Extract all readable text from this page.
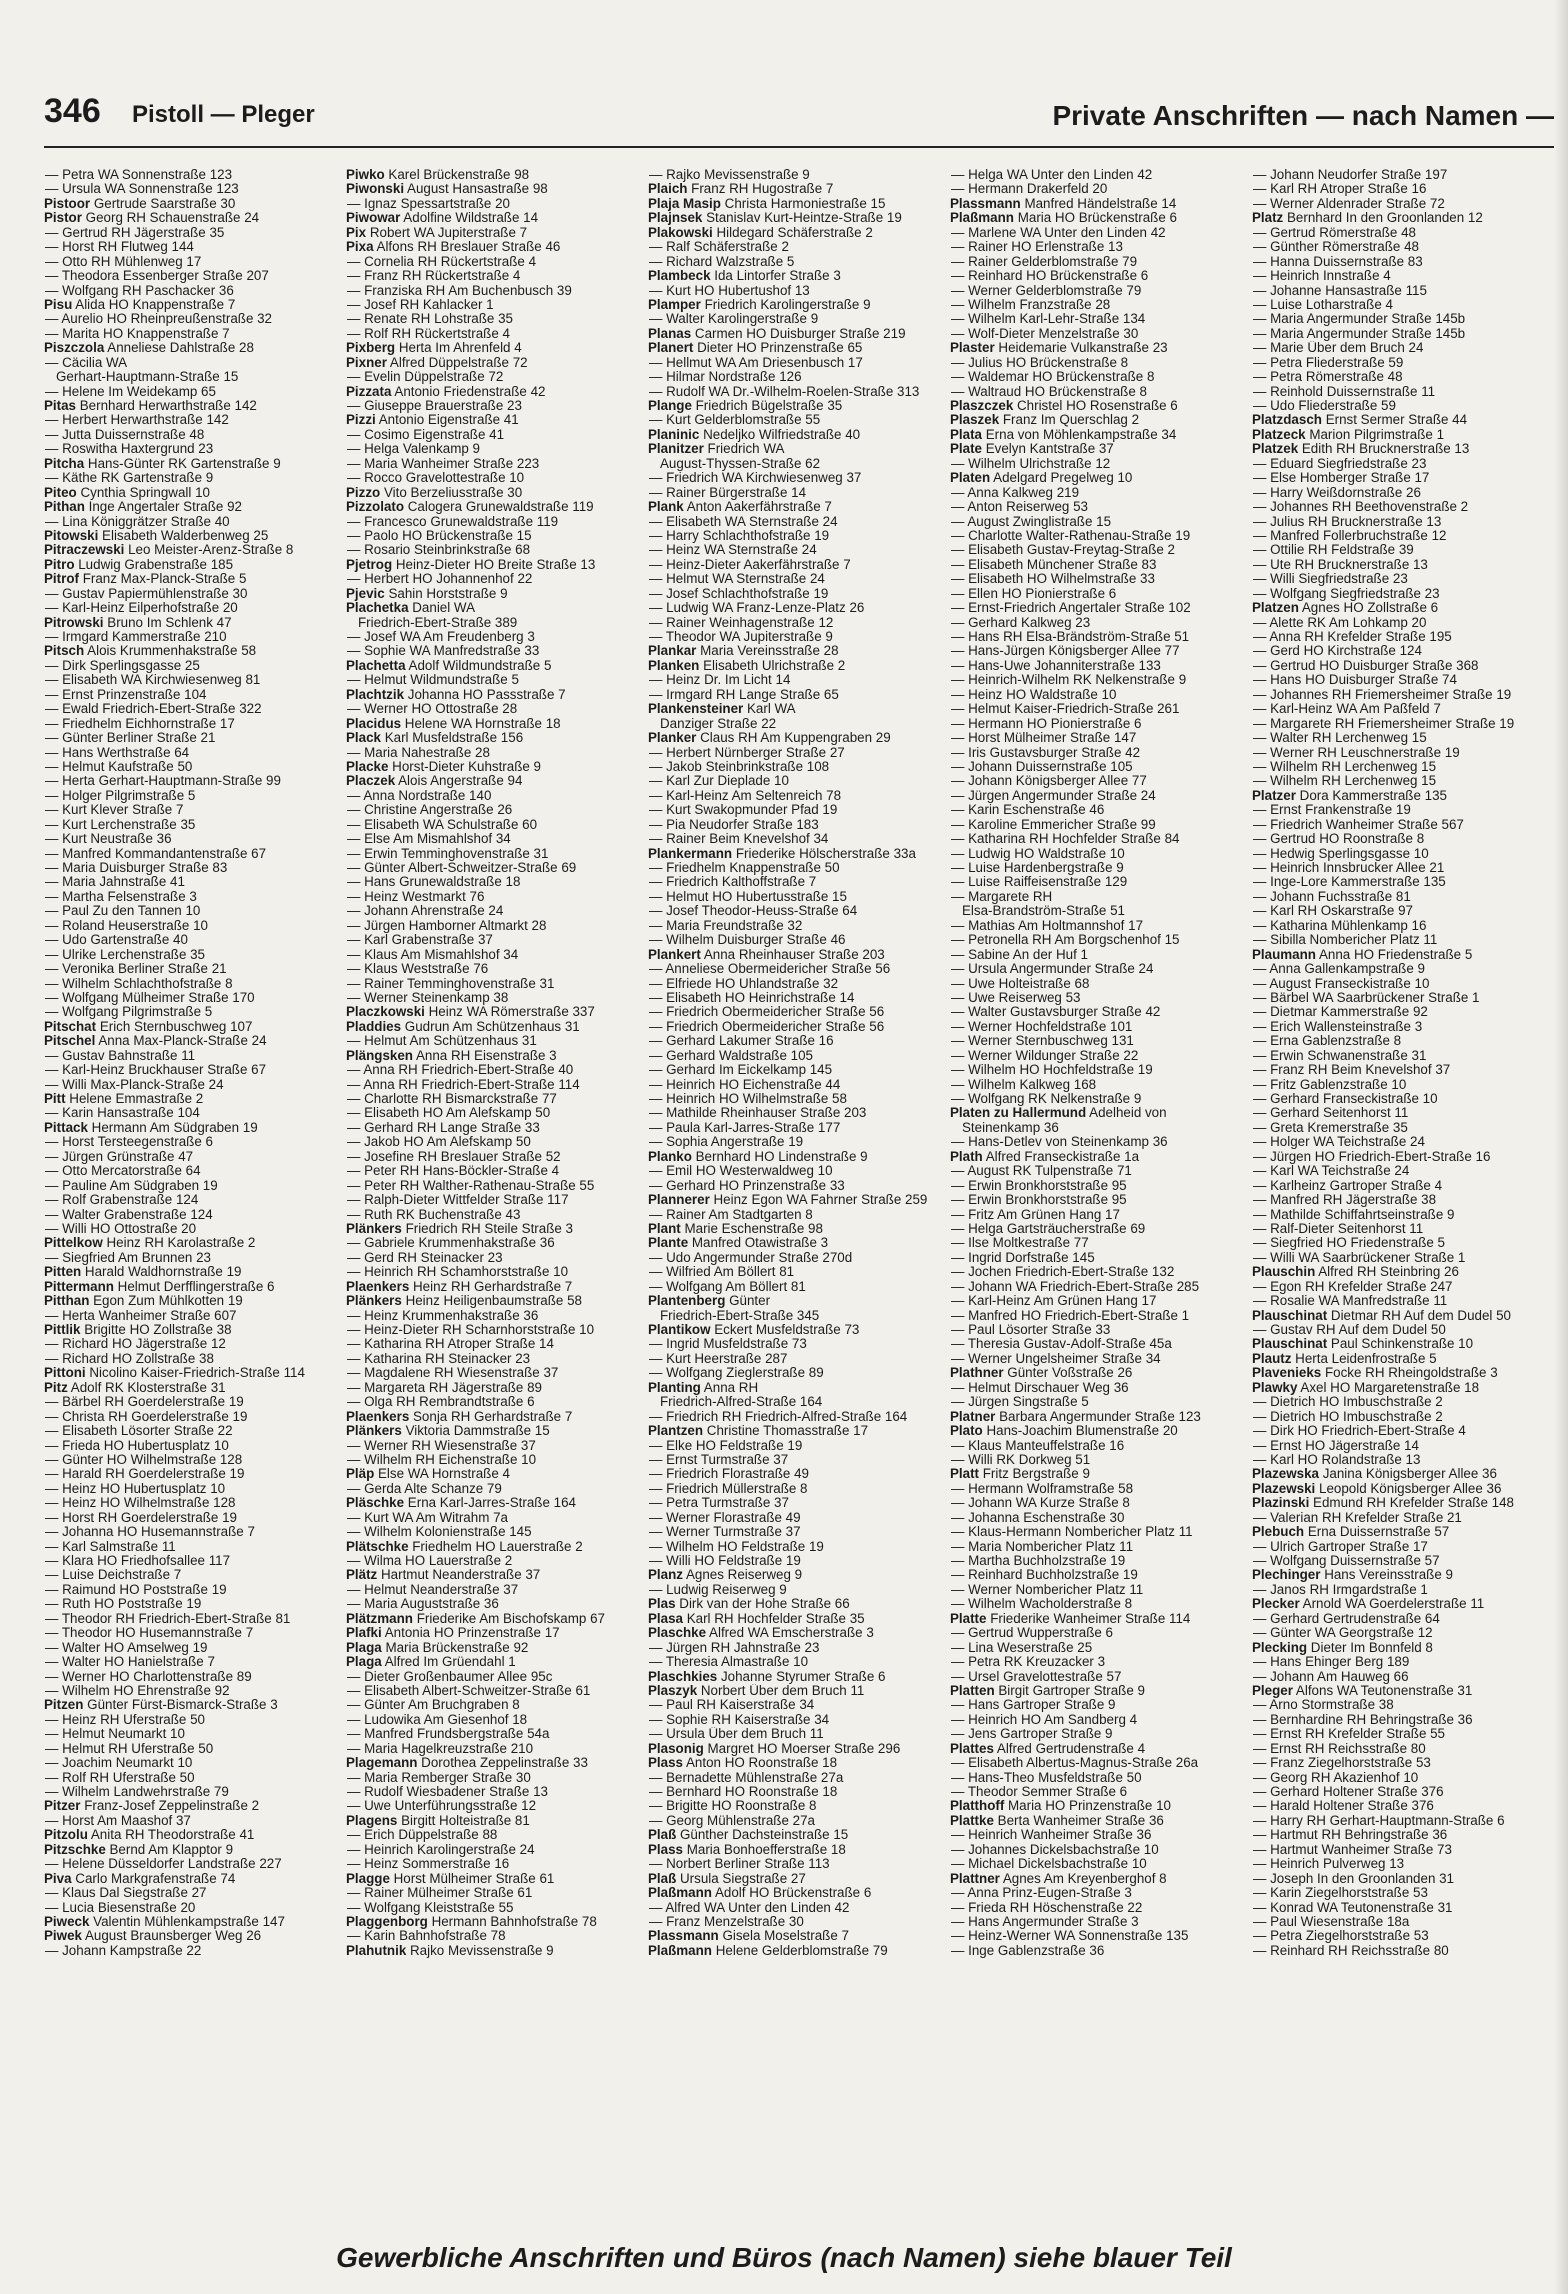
346 Pistoll — Pleger	Private Anschriften — nach Namen —
— Petra WA Sonnenstraße 123
— Ursula WA Sonnenstraße 123
Pistoor Gertrude Saarstraße 30
Pistor Georg RH Schauenstraße 24
— Gertrud RH Jägerstraße 35
— Horst RH Flutweg 144
— Otto RH Mühlenweg 17
— Theodora Essenberger Straße 207
— Wolfgang RH Paschacker 36
Pisu Alida HO Knappenstraße 7
— Aurelio HO Rheinpreußenstraße 32
— Marita HO Knappenstraße 7
Piszczola Anneliese Dahlstraße 28
— Cäcilia WA
Gerhart-Hauptmann-Straße 15
— Helene Im Weidekamp 65
Pitas Bernhard Herwarthstraße 142
— Herbert Herwarthstraße 142
— Jutta Duissernstraße 48
— Roswitha Haxtergrund 23
Pitcha Hans-Günter RK Gartenstraße 9
— Käthe RK Gartenstraße 9
Piteo Cynthia Springwall 10
Pithan Inge Angertaler Straße 92
— Lina Königgrätzer Straße 40
Pitowski Elisabeth Walderbenweg 25
Pitraczewski Leo Meister-Arenz-Straße 8
Pitro Ludwig Grabenstraße 185
Pitrof Franz Max-Planck-Straße 5
— Gustav Papiermühlenstraße 30
— Karl-Heinz Eilperhofstraße 20
Pitrowski Bruno Im Schlenk 47
— Irmgard Kammerstraße 210
Pitsch Alois Krummenhakstraße 58
— Dirk Sperlingsgasse 25
— Elisabeth WA Kirchwiesenweg 81
— Ernst Prinzenstraße 104
— Ewald Friedrich-Ebert-Straße 322
— Friedhelm Eichhornstraße 17
— Günter Berliner Straße 21
— Hans Werthstraße 64
— Helmut Kaufstraße 50
— Herta Gerhart-Hauptmann-Straße 99
— Holger Pilgrimstraße 5
— Kurt Klever Straße 7
— Kurt Lerchenstraße 35
— Kurt Neustraße 36
— Manfred Kommandantenstraße 67
— Maria Duisburger Straße 83
— Maria Jahnstraße 41
— Martha Felsenstraße 3
— Paul Zu den Tannen 10
— Roland Heuserstraße 10
— Udo Gartenstraße 40
— Ulrike Lerchenstraße 35
— Veronika Berliner Straße 21
— Wilhelm Schlachthofstraße 8
— Wolfgang Mülheimer Straße 170
— Wolfgang Pilgrimstraße 5
Pitschat Erich Sternbuschweg 107
Pitschel Anna Max-Planck-Straße 24
— Gustav Bahnstraße 11
— Karl-Heinz Bruckhauser Straße 67
— Willi Max-Planck-Straße 24
Pitt Helene Emmastraße 2
— Karin Hansastraße 104
Pittack Hermann Am Südgraben 19
— Horst Tersteegenstraße 6
— Jürgen Grünstraße 47
— Otto Mercatorstraße 64
— Pauline Am Südgraben 19
— Rolf Grabenstraße 124
— Walter Grabenstraße 124
— Willi HO Ottostraße 20
Pittelkow Heinz RH Karolastraße 2
— Siegfried Am Brunnen 23
Pitten Harald Waldhornstraße 19
Pittermann Helmut Derfflingerstraße 6
Pitthan Egon Zum Mühlkotten 19
— Herta Wanheimer Straße 607
Pittlik Brigitte HO Zollstraße 38
— Richard HO Jägerstraße 12
— Richard HO Zollstraße 38
Pittoni Nicolino Kaiser-Friedrich-Straße 114
Pitz Adolf RK Klosterstraße 31
— Bärbel RH Goerdelerstraße 19
— Christa RH Goerdelerstraße 19
— Elisabeth Lösorter Straße 22
— Frieda HO Hubertusplatz 10
— Günter HO Wilhelmstraße 128
— Harald RH Goerdelerstraße 19
— Heinz HO Hubertusplatz 10
— Heinz HO Wilhelmstraße 128
— Horst RH Goerdelerstraße 19
— Johanna HO Husemannstraße 7
— Karl Salmstraße 11
— Klara HO Friedhofsallee 117
— Luise Deichstraße 7
— Raimund HO Poststraße 19
— Ruth HO Poststraße 19
— Theodor RH Friedrich-Ebert-Straße 81
— Theodor HO Husemannstraße 7
— Walter HO Amselweg 19
— Walter HO Hanielstraße 7
— Werner HO Charlottenstraße 89
— Wilhelm HO Ehrenstraße 92
Pitzen Günter Fürst-Bismarck-Straße 3
— Heinz RH Uferstraße 50
— Helmut Neumarkt 10
— Helmut RH Uferstraße 50
— Joachim Neumarkt 10
— Rolf RH Uferstraße 50
— Wilhelm Landwehrstraße 79
Pitzer Franz-Josef Zeppelinstraße 2
— Horst Am Maashof 37
Pitzolu Anita RH Theodorstraße 41
Pitzschke Bernd Am Klapptor 9
— Helene Düsseldorfer Landstraße 227
Piva Carlo Markgrafenstraße 74
— Klaus Dal Siegstraße 27
— Lucia Biesenstraße 20
Piweck Valentin Mühlenkampstraße 147
Piwek August Braunsberger Weg 26
— Johann Kampstraße 22
Piwko Karel Brückenstraße 98
Piwonski August Hansastraße 98
— Ignaz Spessartstraße 20
Piwowar Adolfine Wildstraße 14
Pix Robert WA Jupiterstraße 7
Pixa Alfons RH Breslauer Straße 46
— Cornelia RH Rückertstraße 4
— Franz RH Rückertstraße 4
— Franziska RH Am Buchenbusch 39
— Josef RH Kahlacker 1
— Renate RH Lohstraße 35
— Rolf RH Rückertstraße 4
Pixberg Herta Im Ahrenfeld 4
Pixner Alfred Düppelstraße 72
— Evelin Düppelstraße 72
Pizzata Antonio Friedenstraße 42
— Giuseppe Brauerstraße 23
Pizzi Antonio Eigenstraße 41
— Cosimo Eigenstraße 41
— Helga Valenkamp 9
— Maria Wanheimer Straße 223
— Rocco Gravelottestraße 10
Pizzo Vito Berzeliusstraße 30
Pizzolato Calogera Grunewaldstraße 119
— Francesco Grunewaldstraße 119
— Paolo HO Brückenstraße 15
— Rosario Steinbrinkstraße 68
Pjetrog Heinz-Dieter HO Breite Straße 13
— Herbert HO Johannenhof 22
Pjevic Sahin Horststraße 9
Plachetka Daniel WA
Friedrich-Ebert-Straße 389
— Josef WA Am Freudenberg 3
— Sophie WA Manfredstraße 33
Plachetta Adolf Wildmundstraße 5
— Helmut Wildmundstraße 5
Plachtzik Johanna HO Passstraße 7
— Werner HO Ottostraße 28
Placidus Helene WA Hornstraße 18
Plack Karl Musfeldstraße 156
— Maria Nahestraße 28
Placke Horst-Dieter Kuhstraße 9
Placzek Alois Angerstraße 94
— Anna Nordstraße 140
— Christine Angerstraße 26
— Elisabeth WA Schulstraße 60
— Else Am Mismahlshof 34
— Erwin Temminghovenstraße 31
— Günter Albert-Schweitzer-Straße 69
— Hans Grunewaldstraße 18
— Heinz Westmarkt 76
— Johann Ahrenstraße 24
— Jürgen Hamborner Altmarkt 28
— Karl Grabenstraße 37
— Klaus Am Mismahlshof 34
— Klaus Weststraße 76
— Rainer Temminghovenstraße 31
— Werner Steinenkamp 38
Placzkowski Heinz WA Römerstraße 337
Pladdies Gudrun Am Schützenhaus 31
— Helmut Am Schützenhaus 31
Plängsken Anna RH Eisenstraße 3
— Anna RH Friedrich-Ebert-Straße 40
— Anna RH Friedrich-Ebert-Straße 114
— Charlotte RH Bismarckstraße 77
— Elisabeth HO Am Alefskamp 50
— Gerhard RH Lange Straße 33
— Jakob HO Am Alefskamp 50
— Josefine RH Breslauer Straße 52
— Peter RH Hans-Böckler-Straße 4
— Peter RH Walther-Rathenau-Straße 55
— Ralph-Dieter Wittfelder Straße 117
— Ruth RK Buchenstraße 43
Plänkers Friedrich RH Steile Straße 3
— Gabriele Krummenhakstraße 36
— Gerd RH Steinacker 23
— Heinrich RH Schamhorststraße 10
Plaenkers Heinz RH Gerhardstraße 7
Plänkers Heinz Heiligenbaumstraße 58
— Heinz Krummenhakstraße 36
— Heinz-Dieter RH Scharnhorststraße 10
— Katharina RH Atroper Straße 14
— Katharina RH Steinacker 23
— Magdalene RH Wiesenstraße 37
— Margareta RH Jägerstraße 89
— Olga RH Rembrandtstraße 6
Plaenkers Sonja RH Gerhardstraße 7
Plänkers Viktoria Dammstraße 15
— Werner RH Wiesenstraße 37
— Wilhelm RH Eichenstraße 10
Pläp Else WA Hornstraße 4
— Gerda Alte Schanze 79
Pläschke Erna Karl-Jarres-Straße 164
— Kurt WA Am Witrahm 7a
— Wilhelm Kolonienstraße 145
Plätschke Friedhelm HO Lauerstraße 2
— Wilma HO Lauerstraße 2
Plätz Hartmut Neanderstraße 37
— Helmut Neanderstraße 37
— Maria Auguststraße 36
Plätzmann Friederike Am Bischofskamp 67
Plafki Antonia HO Prinzenstraße 17
Plaga Maria Brückenstraße 92
Plaga Alfred Im Grüendahl 1
— Dieter Großenbaumer Allee 95c
— Elisabeth Albert-Schweitzer-Straße 61
— Günter Am Bruchgraben 8
— Ludowika Am Giesenhof 18
— Manfred Frundsbergstraße 54a
— Maria Hagelkreuzstraße 210
Plagemann Dorothea Zeppelinstraße 33
— Maria Remberger Straße 30
— Rudolf Wiesbadener Straße 13
— Uwe Unterführungsstraße 12
Plagens Birgitt Holteistraße 81
— Erich Düppelstraße 88
— Heinrich Karolingerstraße 24
— Heinz Sommerstraße 16
Plagge Horst Mülheimer Straße 61
— Rainer Mülheimer Straße 61
— Wolfgang Kleiststraße 55
Plaggenborg Hermann Bahnhofstraße 78
— Karin Bahnhofstraße 78
Plahutnik Rajko Mevissenstraße 9
— Rajko Mevissenstraße 9
Plaich Franz RH Hugostraße 7
Plaja Masip Christa Harmoniestraße 15
Plajnsek Stanislav Kurt-Heintze-Straße 19
Plakowski Hildegard Schäferstraße 2
— Ralf Schäferstraße 2
— Richard Walzstraße 5
Plambeck Ida Lintorfer Straße 3
— Kurt HO Hubertushof 13
Plamper Friedrich Karolingerstraße 9
— Walter Karolingerstraße 9
Planas Carmen HO Duisburger Straße 219
Planert Dieter HO Prinzenstraße 65
— Hellmut WA Am Driesenbusch 17
— Hilmar Nordstraße 126
— Rudolf WA Dr.-Wilhelm-Roelen-Straße 313
Plange Friedrich Bügelstraße 35
— Kurt Gelderblomstraße 55
Planinic Nedeljko Wilfriedstraße 40
Planitzer Friedrich WA
August-Thyssen-Straße 62
— Friedrich WA Kirchwiesenweg 37
— Rainer Bürgerstraße 14
Plank Anton Aakerfährstraße 7
— Elisabeth WA Sternstraße 24
— Harry Schlachthofstraße 19
— Heinz WA Sternstraße 24
— Heinz-Dieter Aakerfährstraße 7
— Helmut WA Sternstraße 24
— Josef Schlachthofstraße 19
— Ludwig WA Franz-Lenze-Platz 26
— Rainer Weinhagenstraße 12
— Theodor WA Jupiterstraße 9
Plankar Maria Vereinsstraße 28
Planken Elisabeth Ulrichstraße 2
— Heinz Dr. Im Licht 14
— Irmgard RH Lange Straße 65
Plankensteiner Karl WA
Danziger Straße 22
Planker Claus RH Am Kuppengraben 29
— Herbert Nürnberger Straße 27
— Jakob Steinbrinkstraße 108
— Karl Zur Dieplade 10
— Karl-Heinz Am Seltenreich 78
— Kurt Swakopmunder Pfad 19
— Pia Neudorfer Straße 183
— Rainer Beim Knevelshof 34
Plankermann Friederike Hölscherstraße 33a
— Friedhelm Knappenstraße 50
— Friedrich Kalthoffstraße 7
— Helmut HO Hubertusstraße 15
— Josef Theodor-Heuss-Straße 64
— Maria Freundstraße 32
— Wilhelm Duisburger Straße 46
Plankert Anna Rheinhauser Straße 203
— Anneliese Obermeidericher Straße 56
— Elfriede HO Uhlandstraße 32
— Elisabeth HO Heinrichstraße 14
— Friedrich Obermeidericher Straße 56
— Friedrich Obermeidericher Straße 56
— Gerhard Lakumer Straße 16
— Gerhard Waldstraße 105
— Gerhard Im Eickelkamp 145
— Heinrich HO Eichenstraße 44
— Heinrich HO Wilhelmstraße 58
— Mathilde Rheinhauser Straße 203
— Paula Karl-Jarres-Straße 177
— Sophia Angerstraße 19
Planko Bernhard HO Lindenstraße 9
— Emil HO Westerwaldweg 10
— Gerhard HO Prinzenstraße 33
Plannerer Heinz Egon WA Fahrner Straße 259
— Rainer Am Stadtgarten 8
Plant Marie Eschenstraße 98
Plante Manfred Otawistraße 3
— Udo Angermunder Straße 270d
— Wilfried Am Böllert 81
— Wolfgang Am Böllert 81
Plantenberg Günter
Friedrich-Ebert-Straße 345
Plantikow Eckert Musfeldstraße 73
— Ingrid Musfeldstraße 73
— Kurt Heerstraße 287
— Wolfgang Zieglerstraße 89
Planting Anna RH
Friedrich-Alfred-Straße 164
— Friedrich RH Friedrich-Alfred-Straße 164
Plantzen Christine Thomasstraße 17
— Elke HO Feldstraße 19
— Ernst Turmstraße 37
— Friedrich Florastraße 49
— Friedrich Müllerstraße 8
— Petra Turmstraße 37
— Werner Florastraße 49
— Werner Turmstraße 37
— Wilhelm HO Feldstraße 19
— Willi HO Feldstraße 19
Planz Agnes Reiserweg 9
— Ludwig Reiserweg 9
Plas Dirk van der Hohe Straße 66
Plasa Karl RH Hochfelder Straße 35
Plaschke Alfred WA Emscherstraße 3
— Jürgen RH Jahnstraße 23
— Theresia Almastraße 10
Plaschkies Johanne Styrumer Straße 6
Plaszyk Norbert Über dem Bruch 11
— Paul RH Kaiserstraße 34
— Sophie RH Kaiserstraße 34
— Ursula Über dem Bruch 11
Plasonig Margret HO Moerser Straße 296
Plass Anton HO Roonstraße 18
— Bernadette Mühlenstraße 27a
— Bernhard HO Roonstraße 18
— Brigitte HO Roonstraße 8
— Georg Mühlenstraße 27a
Plaß Günther Dachsteinstraße 15
Plass Maria Bonhoefferstraße 18
— Norbert Berliner Straße 113
Plaß Ursula Siegstraße 27
Plaßmann Adolf HO Brückenstraße 6
— Alfred WA Unter den Linden 42
— Franz Menzelstraße 30
Plassmann Gisela Moselstraße 7
Plaßmann Helene Gelderblomstraße 79
— Helga WA Unter den Linden 42
— Hermann Drakerfeld 20
Plassmann Manfred Händelstraße 14
Plaßmann Maria HO Brückenstraße 6
— Marlene WA Unter den Linden 42
— Rainer HO Erlenstraße 13
— Rainer Gelderblomstraße 79
— Reinhard HO Brückenstraße 6
— Werner Gelderblomstraße 79
— Wilhelm Franzstraße 28
— Wilhelm Karl-Lehr-Straße 134
— Wolf-Dieter Menzelstraße 30
Plaster Heidemarie Vulkanstraße 23
— Julius HO Brückenstraße 8
— Waldemar HO Brückenstraße 8
— Waltraud HO Brückenstraße 8
Plaszczek Christel HO Rosenstraße 6
Plaszek Franz Im Querschlag 2
Plata Erna von Möhlenkampstraße 34
Plate Evelyn Kantstraße 37
— Wilhelm Ulrichstraße 12
Platen Adelgard Pregelweg 10
— Anna Kalkweg 219
— Anton Reiserweg 53
— August Zwinglistraße 15
— Charlotte Walter-Rathenau-Straße 19
— Elisabeth Gustav-Freytag-Straße 2
— Elisabeth Münchener Straße 83
— Elisabeth HO Wilhelmstraße 33
— Ellen HO Pionierstraße 6
— Ernst-Friedrich Angertaler Straße 102
— Gerhard Kalkweg 23
— Hans RH Elsa-Brändström-Straße 51
— Hans-Jürgen Königsberger Allee 77
— Hans-Uwe Johanniterstraße 133
— Heinrich-Wilhelm RK Nelkenstraße 9
— Heinz HO Waldstraße 10
— Helmut Kaiser-Friedrich-Straße 261
— Hermann HO Pionierstraße 6
— Horst Mülheimer Straße 147
— Iris Gustavsburger Straße 42
— Johann Duissernstraße 105
— Johann Königsberger Allee 77
— Jürgen Angermunder Straße 24
— Karin Eschenstraße 46
— Karoline Emmericher Straße 99
— Katharina RH Hochfelder Straße 84
— Ludwig HO Waldstraße 10
— Luise Hardenbergstraße 9
— Luise Raiffeisenstraße 129
— Margarete RH
Elsa-Brandström-Straße 51
— Mathias Am Holtmannshof 17
— Petronella RH Am Borgschenhof 15
— Sabine An der Huf 1
— Ursula Angermunder Straße 24
— Uwe Holteistraße 68
— Uwe Reiserweg 53
— Walter Gustavsburger Straße 42
— Werner Hochfeldstraße 101
— Werner Sternbuschweg 131
— Werner Wildunger Straße 22
— Wilhelm HO Hochfeldstraße 19
— Wilhelm Kalkweg 168
— Wolfgang RK Nelkenstraße 9
Platen zu Hallermund Adelheid von
Steinenkamp 36
— Hans-Detlev von Steinenkamp 36
Plath Alfred Franseckistraße 1a
— August RK Tulpenstraße 71
— Erwin Bronkhorststraße 95
— Erwin Bronkhorststraße 95
— Fritz Am Grünen Hang 17
— Helga Gartsträucherstraße 69
— Ilse Moltkestraße 77
— Ingrid Dorfstraße 145
— Jochen Friedrich-Ebert-Straße 132
— Johann WA Friedrich-Ebert-Straße 285
— Karl-Heinz Am Grünen Hang 17
— Manfred HO Friedrich-Ebert-Straße 1
— Paul Lösorter Straße 33
— Theresia Gustav-Adolf-Straße 45a
— Werner Ungelsheimer Straße 34
Plathner Günter Voßstraße 26
— Helmut Dirschauer Weg 36
— Jürgen Singstraße 5
Platner Barbara Angermunder Straße 123
Plato Hans-Joachim Blumenstraße 20
— Klaus Manteuffelstraße 16
— Willi RK Dorkweg 51
Platt Fritz Bergstraße 9
— Hermann Wolframstraße 58
— Johann WA Kurze Straße 8
— Johanna Eschenstraße 30
— Klaus-Hermann Nombericher Platz 11
— Maria Nombericher Platz 11
— Martha Buchholzstraße 19
— Reinhard Buchholzstraße 19
— Werner Nombericher Platz 11
— Wilhelm Wacholderstraße 8
Platte Friederike Wanheimer Straße 114
— Gertrud Wupperstraße 6
— Lina Weserstraße 25
— Petra RK Kreuzacker 3
— Ursel Gravelottestraße 57
Platten Birgit Gartroper Straße 9
— Hans Gartroper Straße 9
— Heinrich HO Am Sandberg 4
— Jens Gartroper Straße 9
Plattes Alfred Gertrudenstraße 4
— Elisabeth Albertus-Magnus-Straße 26a
— Hans-Theo Musfeldstraße 50
— Theodor Semmer Straße 6
Platthoff Maria HO Prinzenstraße 10
Plattke Berta Wanheimer Straße 36
— Heinrich Wanheimer Straße 36
— Johannes Dickelsbachstraße 10
— Michael Dickelsbachstraße 10
Plattner Agnes Am Kreyenberghof 8
— Anna Prinz-Eugen-Straße 3
— Frieda RH Höschenstraße 22
— Hans Angermunder Straße 3
— Heinz-Werner WA Sonnenstraße 135
— Inge Gablenzstraße 36
— Johann Neudorfer Straße 197
— Karl RH Atroper Straße 16
— Werner Aldenrader Straße 72
Platz Bernhard In den Groonlanden 12
— Gertrud Römerstraße 48
— Günther Römerstraße 48
— Hanna Duissernstraße 83
— Heinrich Innstraße 4
— Johanne Hansastraße 115
— Luise Lotharstraße 4
— Maria Angermunder Straße 145b
— Maria Angermunder Straße 145b
— Marie Über dem Bruch 24
— Petra Fliederstraße 59
— Petra Römerstraße 48
— Reinhold Duissernstraße 11
— Udo Fliederstraße 59
Platzdasch Ernst Sermer Straße 44
Platzeck Marion Pilgrimstraße 1
Platzek Edith RH Brucknerstraße 13
— Eduard Siegfriedstraße 23
— Else Homberger Straße 17
— Harry Weißdornstraße 26
— Johannes RH Beethovenstraße 2
— Julius RH Brucknerstraße 13
— Manfred Follerbruchstraße 12
— Ottilie RH Feldstraße 39
— Ute RH Brucknerstraße 13
— Willi Siegfriedstraße 23
— Wolfgang Siegfriedstraße 23
Platzen Agnes HO Zollstraße 6
— Alette RK Am Lohkamp 20
— Anna RH Krefelder Straße 195
— Gerd HO Kirchstraße 124
— Gertrud HO Duisburger Straße 368
— Hans HO Duisburger Straße 74
— Johannes RH Friemersheimer Straße 19
— Karl-Heinz WA Am Paßfeld 7
— Margarete RH Friemersheimer Straße 19
— Walter RH Lerchenweg 15
— Werner RH Leuschnerstraße 19
— Wilhelm RH Lerchenweg 15
— Wilhelm RH Lerchenweg 15
Platzer Dora Kammerstraße 135
— Ernst Frankenstraße 19
— Friedrich Wanheimer Straße 567
— Gertrud HO Roonstraße 8
— Hedwig Sperlingsgasse 10
— Heinrich Innsbrucker Allee 21
— Inge-Lore Kammerstraße 135
— Johann Fuchsstraße 81
— Karl RH Oskarstraße 97
— Katharina Mühlenkamp 16
— Sibilla Nombericher Platz 11
Plaumann Anna HO Friedenstraße 5
— Anna Gallenkampstraße 9
— August Franseckistraße 10
— Bärbel WA Saarbrückener Straße 1
— Dietmar Kammerstraße 92
— Erich Wallensteinstraße 3
— Erna Gablenzstraße 8
— Erwin Schwanenstraße 31
— Franz RH Beim Knevelshof 37
— Fritz Gablenzstraße 10
— Gerhard Franseckistraße 10
— Gerhard Seitenhorst 11
— Greta Kremerstraße 35
— Holger WA Teichstraße 24
— Jürgen HO Friedrich-Ebert-Straße 16
— Karl WA Teichstraße 24
— Karlheinz Gartroper Straße 4
— Manfred RH Jägerstraße 38
— Mathilde Schiffahrtseinstraße 9
— Ralf-Dieter Seitenhorst 11
— Siegfried HO Friedenstraße 5
— Willi WA Saarbrückener Straße 1
Plauschin Alfred RH Steinbring 26
— Egon RH Krefelder Straße 247
— Rosalie WA Manfredstraße 11
Plauschinat Dietmar RH Auf dem Dudel 50
— Gustav RH Auf dem Dudel 50
Plauschinat Paul Schinkenstraße 10
Plautz Herta Leidenfrostraße 5
Plavenieks Focke RH Rheingoldstraße 3
Plawky Axel HO Margaretenstraße 18
— Dietrich HO Imbuschstraße 2
— Dietrich HO Imbuschstraße 2
— Dirk HO Friedrich-Ebert-Straße 4
— Ernst HO Jägerstraße 14
— Karl HO Rolandstraße 13
Plazewska Janina Königsberger Allee 36
Plazewski Leopold Königsberger Allee 36
Plazinski Edmund RH Krefelder Straße 148
— Valerian RH Krefelder Straße 21
Plebuch Erna Duissernstraße 57
— Ulrich Gartroper Straße 17
— Wolfgang Duissernstraße 57
Plechinger Hans Vereinsstraße 9
— Janos RH Irmgardstraße 1
Plecker Arnold WA Goerdelerstraße 11
— Gerhard Gertrudenstraße 64
— Günter WA Georgstraße 12
Plecking Dieter Im Bonnfeld 8
— Hans Ehinger Berg 189
— Johann Am Hauweg 66
Pleger Alfons WA Teutonenstraße 31
— Arno Stormstraße 38
— Bernhardine RH Behringstraße 36
— Ernst RH Krefelder Straße 55
— Ernst RH Reichsstraße 80
— Franz Ziegelhorststraße 53
— Georg RH Akazienhof 10
— Gerhard Holtener Straße 376
— Harald Holtener Straße 376
— Harry RH Gerhart-Hauptmann-Straße 6
— Hartmut RH Behringstraße 36
— Hartmut Wanheimer Straße 73
— Heinrich Pulverweg 13
— Joseph In den Groonlanden 31
— Karin Ziegelhorststraße 53
— Konrad WA Teutonenstraße 31
— Paul Wiesenstraße 18a
— Petra Ziegelhorststraße 53
— Reinhard RH Reichsstraße 80
Gewerbliche Anschriften und Büros (nach Namen) siehe blauer Teil
